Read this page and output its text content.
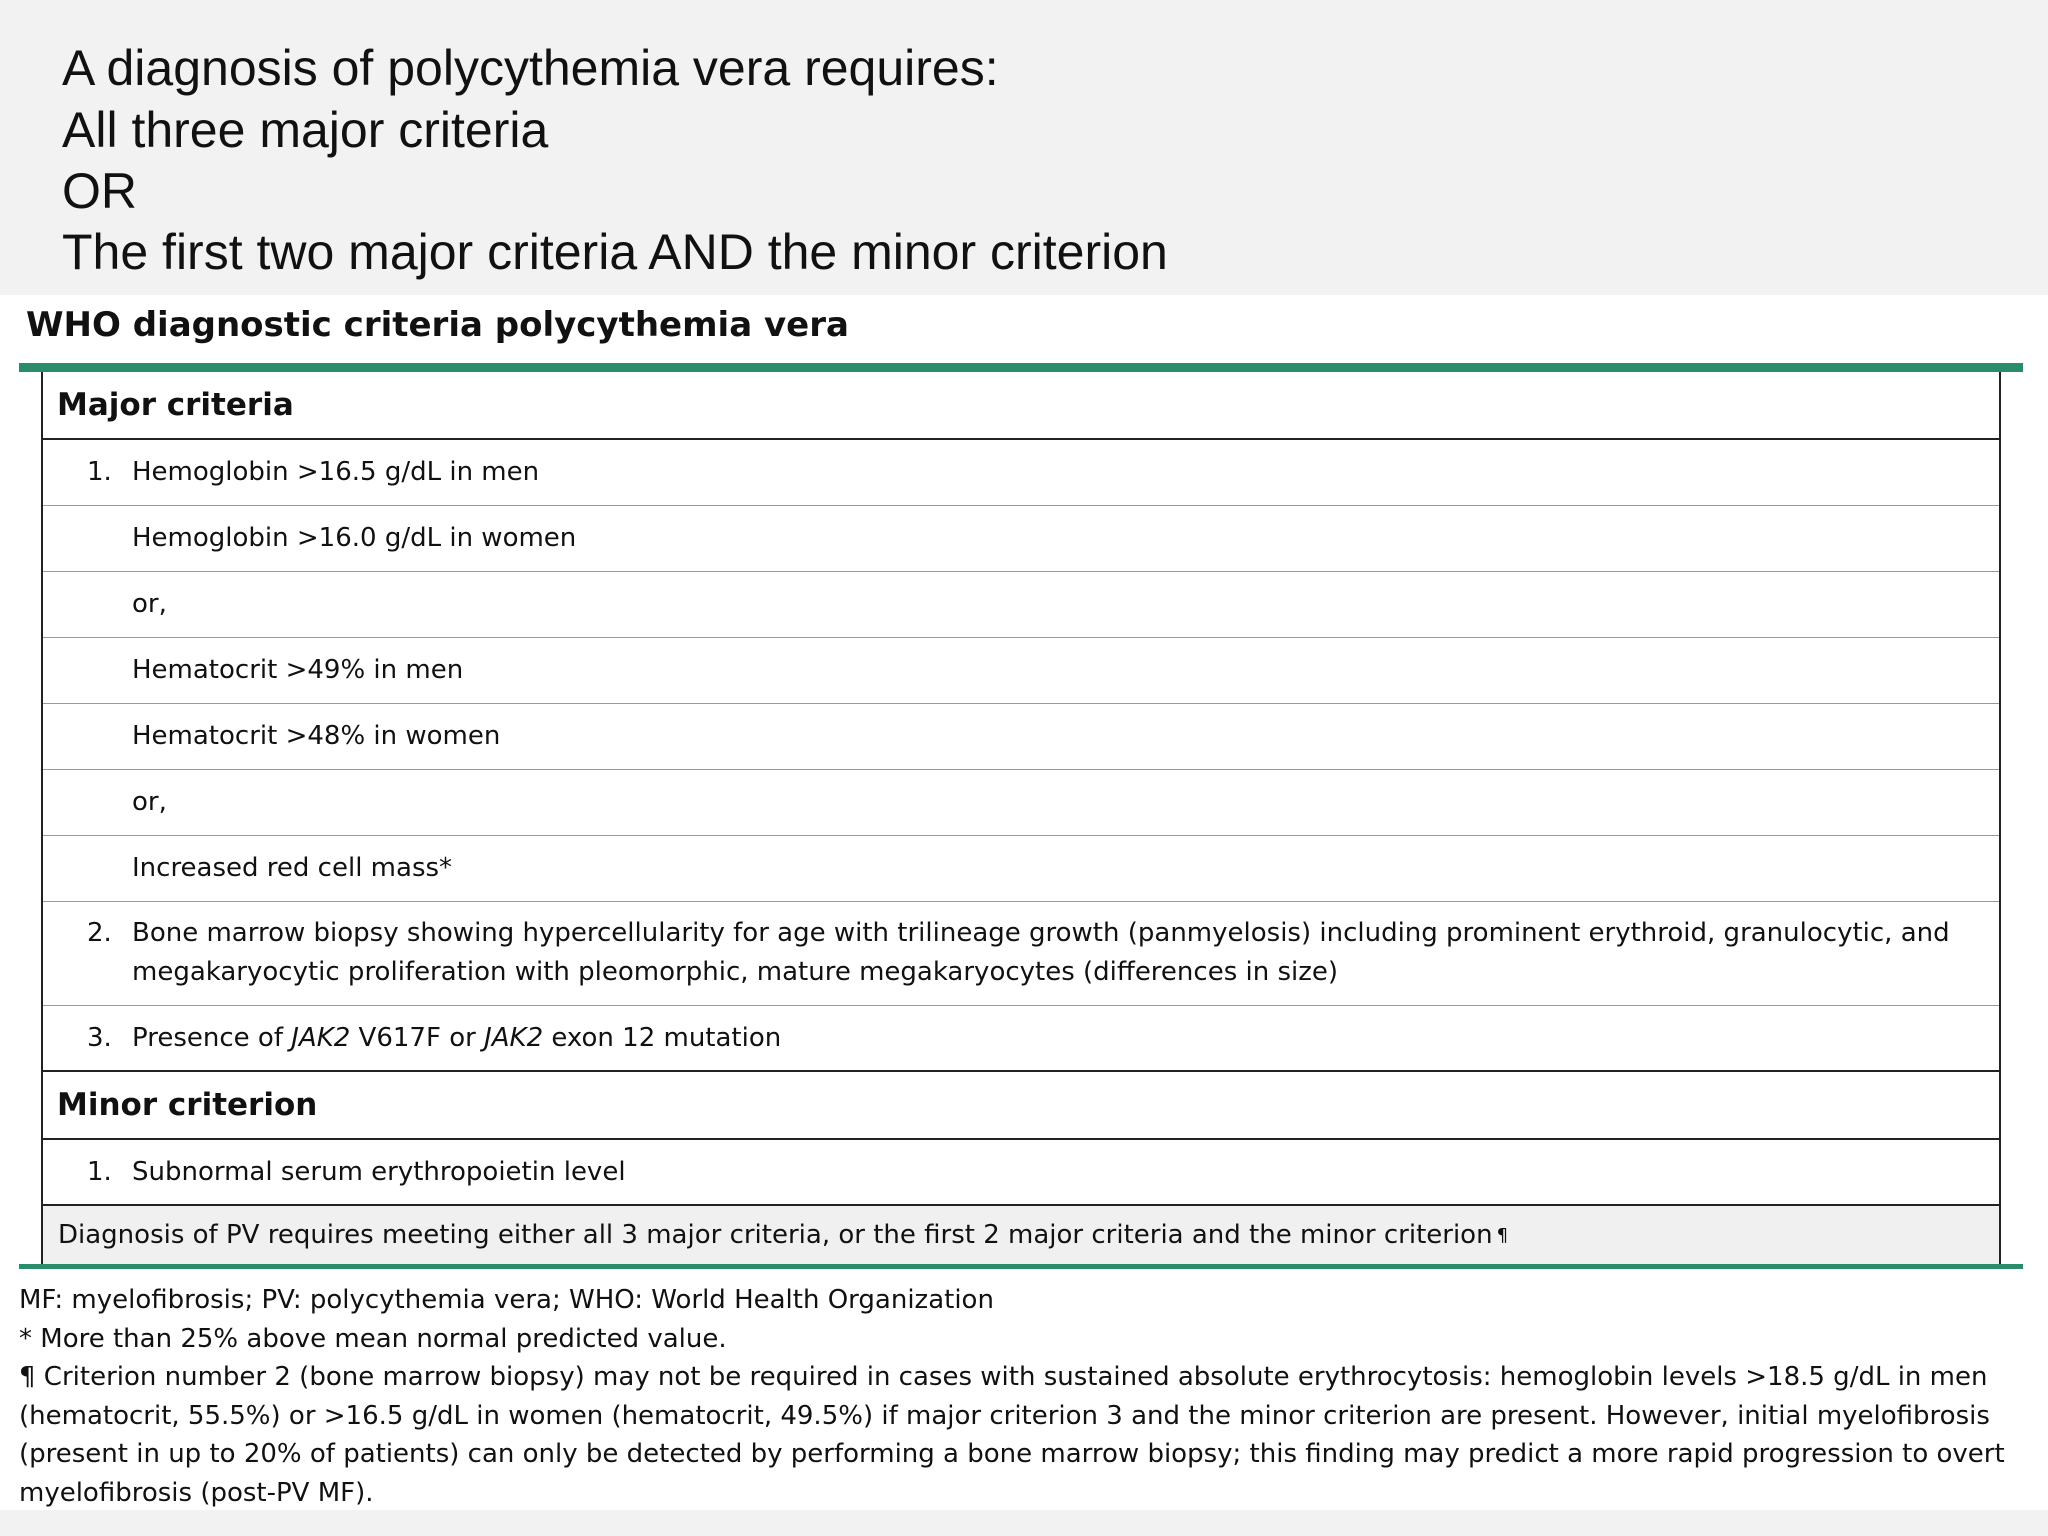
A diagnosis of polycythemia vera requires:
All three major criteria
OR
The first two major criteria AND the minor criterion
WHO diagnostic criteria polycythemia vera
Major criteria
1. Hemoglobin >16.5 g/dL in men
Hemoglobin >16.0 g/dL in women
or,
Hematocrit >49% in men
Hematocrit >48% in women
or,
Increased red cell mass*
2. Bone marrow biopsy showing hypercellularity for age with trilineage growth (panmyelosis) including prominent erythroid, granulocytic, and megakaryocytic proliferation with pleomorphic, mature megakaryocytes (differences in size)
3. Presence of JAK2 V617F or JAK2 exon 12 mutation
Minor criterion
1. Subnormal serum erythropoietin level
Diagnosis of PV requires meeting either all 3 major criteria, or the first 2 major criteria and the minor criterion ¶

MF: myelofibrosis; PV: polycythemia vera; WHO: World Health Organization

* More than 25% above mean normal predicted value.

¶ Criterion number 2 (bone marrow biopsy) may not be required in cases with sustained absolute erythrocytosis: hemoglobin levels >18.5 g/dL in men (hematocrit, 55.5%) or >16.5 g/dL in women (hematocrit, 49.5%) if major criterion 3 and the minor criterion are present. However, initial myelofibrosis (present in up to 20% of patients) can only be detected by performing a bone marrow biopsy; this finding may predict a more rapid progression to overt myelofibrosis (post-PV MF).
